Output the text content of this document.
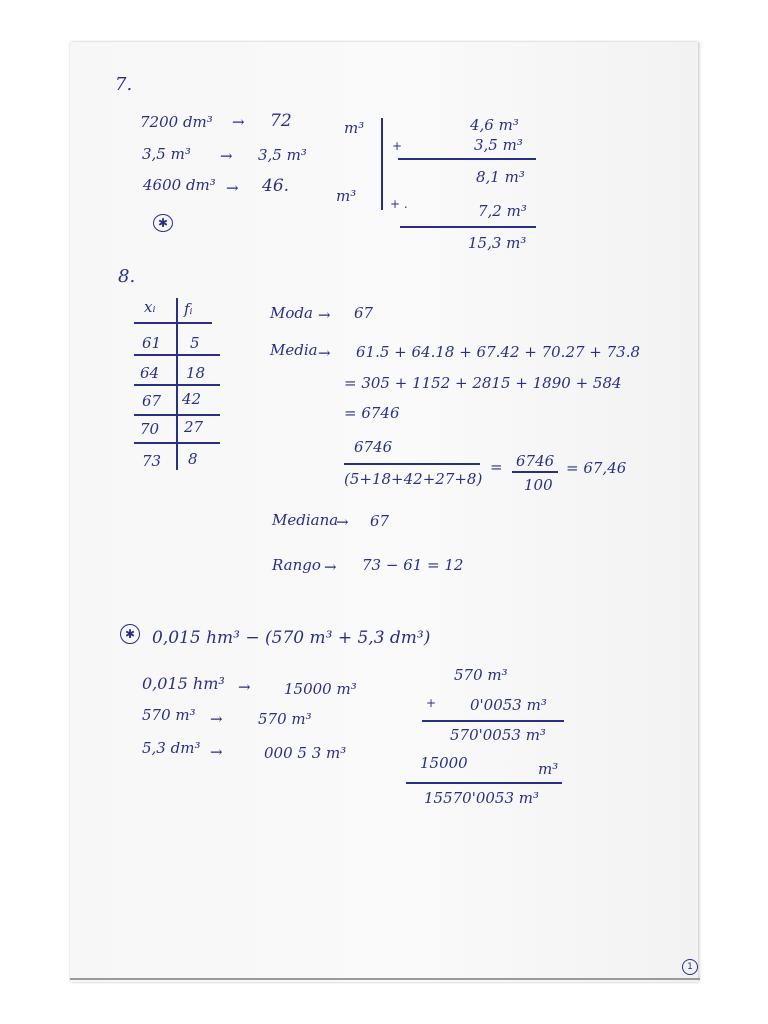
7.
7200 dm³ → 72	m³
3,5 m³ → 3,5 m³
4600 dm³ → 46.	m³
✱
4,6 m³
+	3,5 m³
8,1 m³
+ .	7,2 m³
15,3 m³
8.
xᵢ fᵢ
61 5
64 18
67 42
70 27
73 8
Moda → 67
Media → 61.5 + 64.18 + 67.42 + 70.27 + 73.8
= 305 + 1152 + 2815 + 1890 + 584
= 6746
6746
(5+18+42+27+8)
= 6746
100
= 67,46
Mediana
→ 67
Rango → 73 − 61 = 12
✱ 0,015 hm³ − (570 m³ + 5,3 dm³)
0,015 hm³ → 15000 m³
570 m³ → 570 m³
5,3 dm³ →	000 5 3 m³
570 m³
+ 0'0053 m³
570'0053 m³
15000	m³
15570'0053 m³
1
